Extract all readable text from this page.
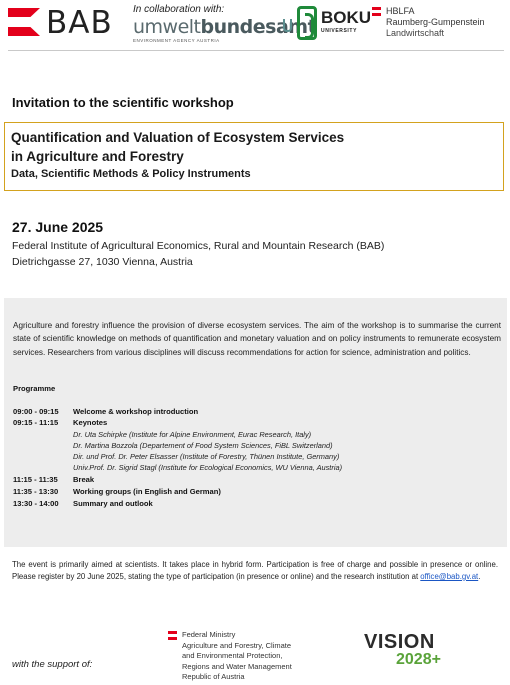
BAB In collaboration with:
umweltbundesamt
ENVIRONMENT AGENCY AUSTRIA
BOKU
UNIVERSITY
HBLFA
Raumberg-Gumpenstein
Landwirtschaft
Invitation to the scientific workshop
Quantification and Valuation of Ecosystem Services
in Agriculture and Forestry
Data, Scientific Methods & Policy Instruments
27. June 2025
Federal Institute of Agricultural Economics, Rural and Mountain Research (BAB)
Dietrichgasse 27, 1030 Vienna, Austria
Agriculture and forestry influence the provision of diverse ecosystem services. The aim of the workshop is to summarise the current state of scientific knowledge on methods of quantification and monetary valuation and on policy instruments to remunerate ecosystem services. Researchers from various disciplines will discuss recommendations for action for science, administration and politics.
Programme
09:00 - 09:15 Welcome & workshop introduction
09:15 - 11:15 Keynotes
Dr. Uta Schirpke (Institute for Alpine Environment, Eurac Research, Italy)
Dr. Martina Bozzola (Departement of Food System Sciences, FiBL Switzerland)
Dir. und Prof. Dr. Peter Elsasser (Institute of Forestry, Thünen Institute, Germany)
Univ.Prof. Dr. Sigrid Stagl (Institute for Ecological Economics, WU Vienna, Austria)
11:15 - 11:35 Break
11:35 - 13:30 Working groups (in English and German)
13:30 - 14:00 Summary and outlook
The event is primarily aimed at scientists. It takes place in hybrid form. Participation is free of charge and possible in presence or online. Please register by 20 June 2025, stating the type of participation (in presence or online) and the research institution at office@bab.gv.at.
with the support of:
Federal Ministry
Agriculture and Forestry, Climate
and Environmental Protection,
Regions and Water Management
Republic of Austria
VISION
2028+
